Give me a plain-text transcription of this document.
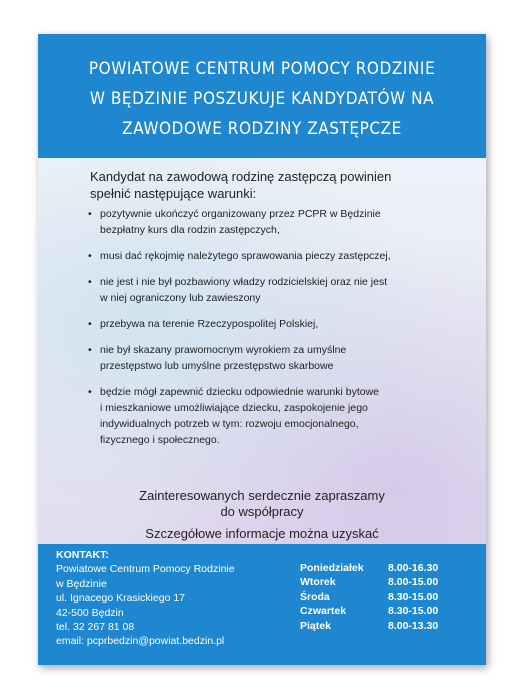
POWIATOWE CENTRUM POMOCY RODZINIE
W BĘDZINIE POSZUKUJE KANDYDATÓW NA
ZAWODOWE RODZINY ZASTĘPCZE
Kandydat na zawodową rodzinę zastępczą powinien
spełnić następujące warunki:
• pozytywnie ukończyć organizowany przez PCPR w Będzinie
bezpłatny kurs dla rodzin zastępczych,
• musi dać rękojmię należytego sprawowania pieczy zastępczej,
• nie jest i nie był pozbawiony władzy rodzicielskiej oraz nie jest
w niej ograniczony lub zawieszony
• przebywa na terenie Rzeczypospolitej Polskiej,
• nie był skazany prawomocnym wyrokiem za umyślne
przestępstwo lub umyślne przestępstwo skarbowe
• będzie mógł zapewnić dziecku odpowiednie warunki bytowe
i mieszkaniowe umożliwiające dziecku, zaspokojenie jego
indywidualnych potrzeb w tym: rozwoju emocjonalnego,
fizycznego i społecznego.
Zainteresowanych serdecznie zapraszamy
do współpracy
Szczegółowe informacje można uzyskać
KONTAKT:
Powiatowe Centrum Pomocy Rodzinie
w Będzinie
ul. Ignacego Krasickiego 17
42-500 Będzin
tel. 32 267 81 08
email: pcprbedzin@powiat.bedzin.pl
Poniedziałek	8.00-16.30
Wtorek	8.00-15.00
Środa	8.30-15.00
Czwartek	8.30-15.00
Piątek	8.00-13.30
